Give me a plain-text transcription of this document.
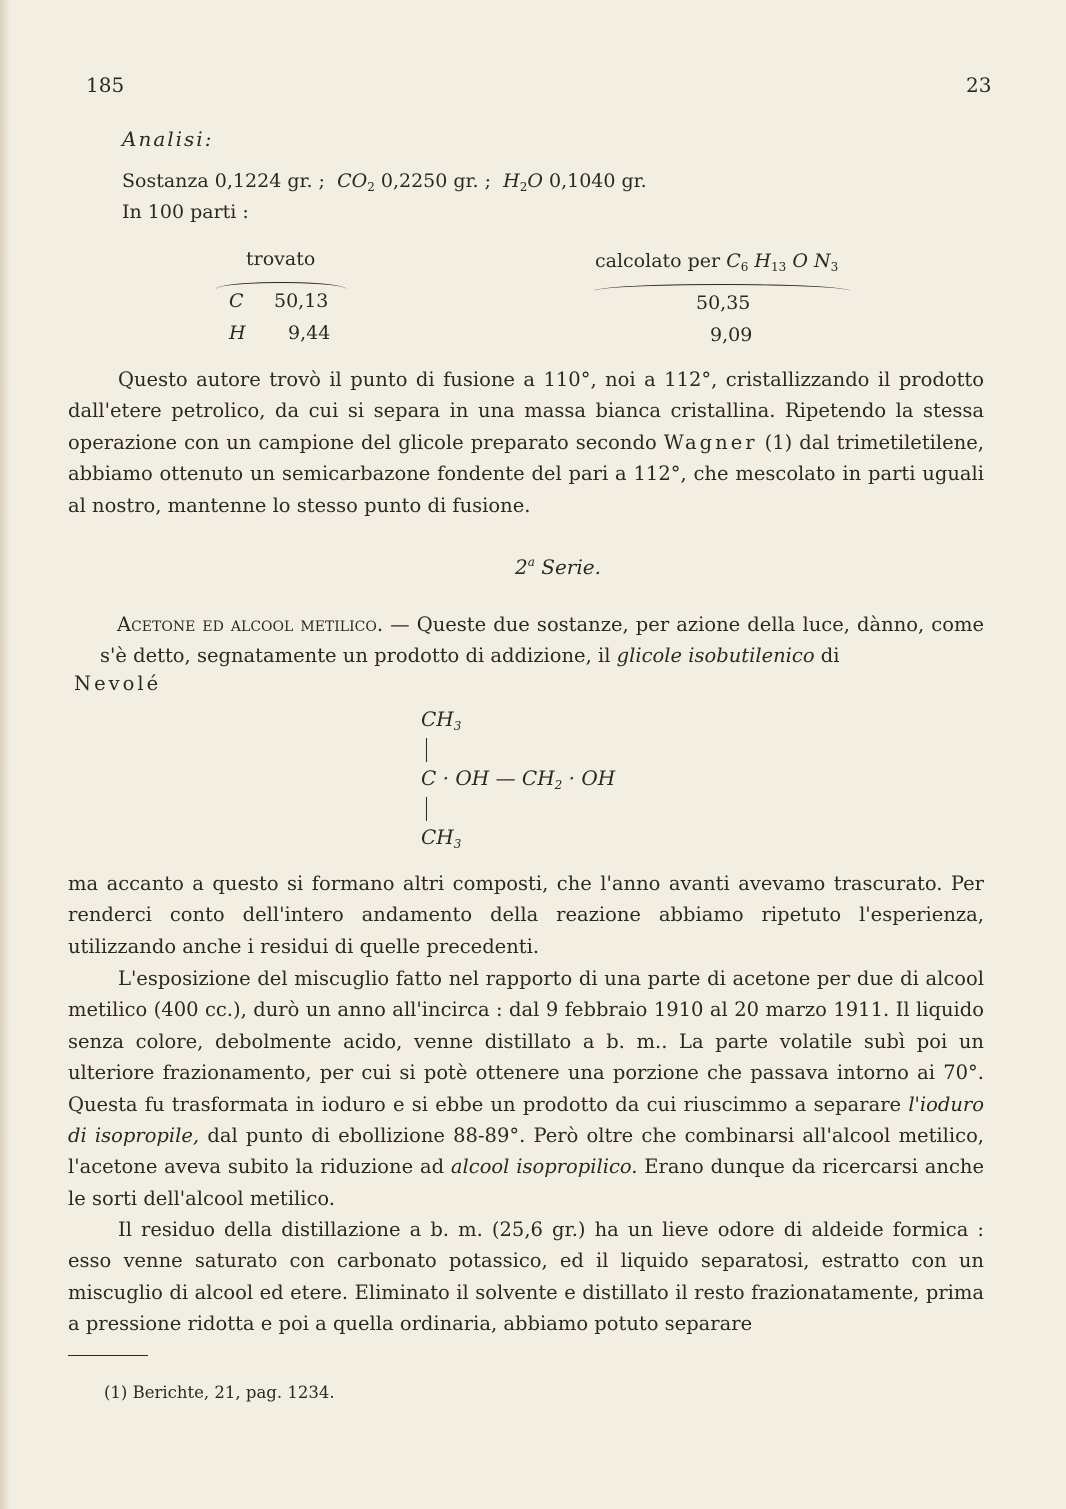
185	23
Analisi:
Sostanza 0,1224 gr. ; $CO_2$ 0,2250 gr. ; $H_2O$ 0,1040 gr.
In 100 parti :
trovato	calcolato per $C_6$ $H_{13}$ O $N_3$
C 50,13	50,35
H 9,44	9,09

Questo autore trovò il punto di fusione a 110°, noi a 112°, cristallizzando il prodotto dall'etere petrolico, da cui si separa in una massa bianca cristallina. Ripetendo la stessa operazione con un campione del glicole preparato secondo Wagner (1) dal trimetiletilene, abbiamo ottenuto un semicarbazone fondente del pari a 112°, che mescolato in parti uguali al nostro, mantenne lo stesso punto di fusione.

2$^a$ Serie.

Acetone ed alcool metilico. — Queste due sostanze, per azione della luce, dànno, come s'è detto, segnatamente un prodotto di addizione, il glicole isobutilenico di

Nevolé
$CH_3$
C · OH — $CH_2$ · OH
$CH_3$

ma accanto a questo si formano altri composti, che l'anno avanti avevamo trascurato. Per renderci conto dell'intero andamento della reazione abbiamo ripetuto l'esperienza, utilizzando anche i residui di quelle precedenti.

L'esposizione del miscuglio fatto nel rapporto di una parte di acetone per due di alcool metilico (400 cc.), durò un anno all'incirca : dal 9 febbraio 1910 al 20 marzo 1911. Il liquido senza colore, debolmente acido, venne distillato a b. m.. La parte volatile subì poi un ulteriore frazionamento, per cui si potè ottenere una porzione che passava intorno ai 70°. Questa fu trasformata in ioduro e si ebbe un prodotto da cui riuscimmo a separare l'ioduro di isopropile, dal punto di ebollizione 88-89°. Però oltre che combinarsi all'alcool metilico, l'acetone aveva subito la riduzione ad alcool isopropilico. Erano dunque da ricercarsi anche le sorti dell'alcool metilico.

Il residuo della distillazione a b. m. (25,6 gr.) ha un lieve odore di aldeide formica : esso venne saturato con carbonato potassico, ed il liquido separatosi, estratto con un miscuglio di alcool ed etere. Eliminato il solvente e distillato il resto frazionatamente, prima a pressione ridotta e poi a quella ordinaria, abbiamo potuto separare

(1) Berichte, 21, pag. 1234.
